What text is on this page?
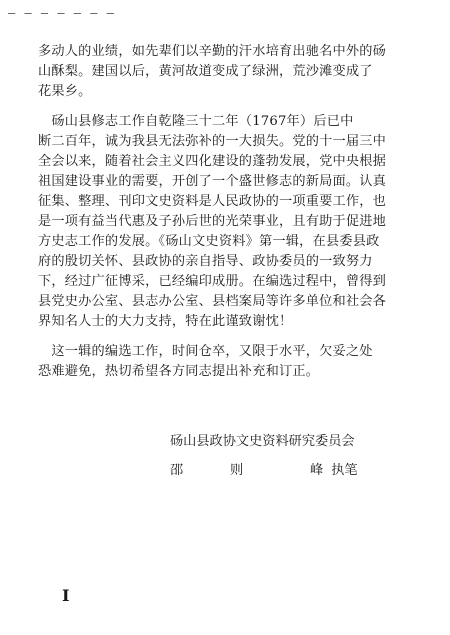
— — — — — — —
多动人的业绩，如先辈们以辛勤的汗水培育出驰名中外的砀
山酥梨。建国以后，黄河故道变成了绿洲，荒沙滩变成了
花果乡。
　砀山县修志工作自乾隆三十二年（1767年）后已中
断二百年，诚为我县无法弥补的一大损失。党的十一届三中
全会以来，随着社会主义四化建设的蓬勃发展，党中央根据
祖国建设事业的需要，开创了一个盛世修志的新局面。认真
征集、整理、刊印文史资料是人民政协的一项重要工作，也
是一项有益当代惠及子孙后世的光荣事业，且有助于促进地
方史志工作的发展。《砀山文史资料》第一辑，在县委县政
府的殷切关怀、县政协的亲自指导、政协委员的一致努力
下，经过广征博采，已经编印成册。在编选过程中，曾得到
县党史办公室、县志办公室、县档案局等许多单位和社会各
界知名人士的大力支持，特在此谨致谢忱！
　这一辑的编选工作，时间仓卒，又限于水平，欠妥之处
恐难避免，热切希望各方同志提出补充和订正。
砀山县政协文史资料研究委员会
邵	则	峰 执笔
I
